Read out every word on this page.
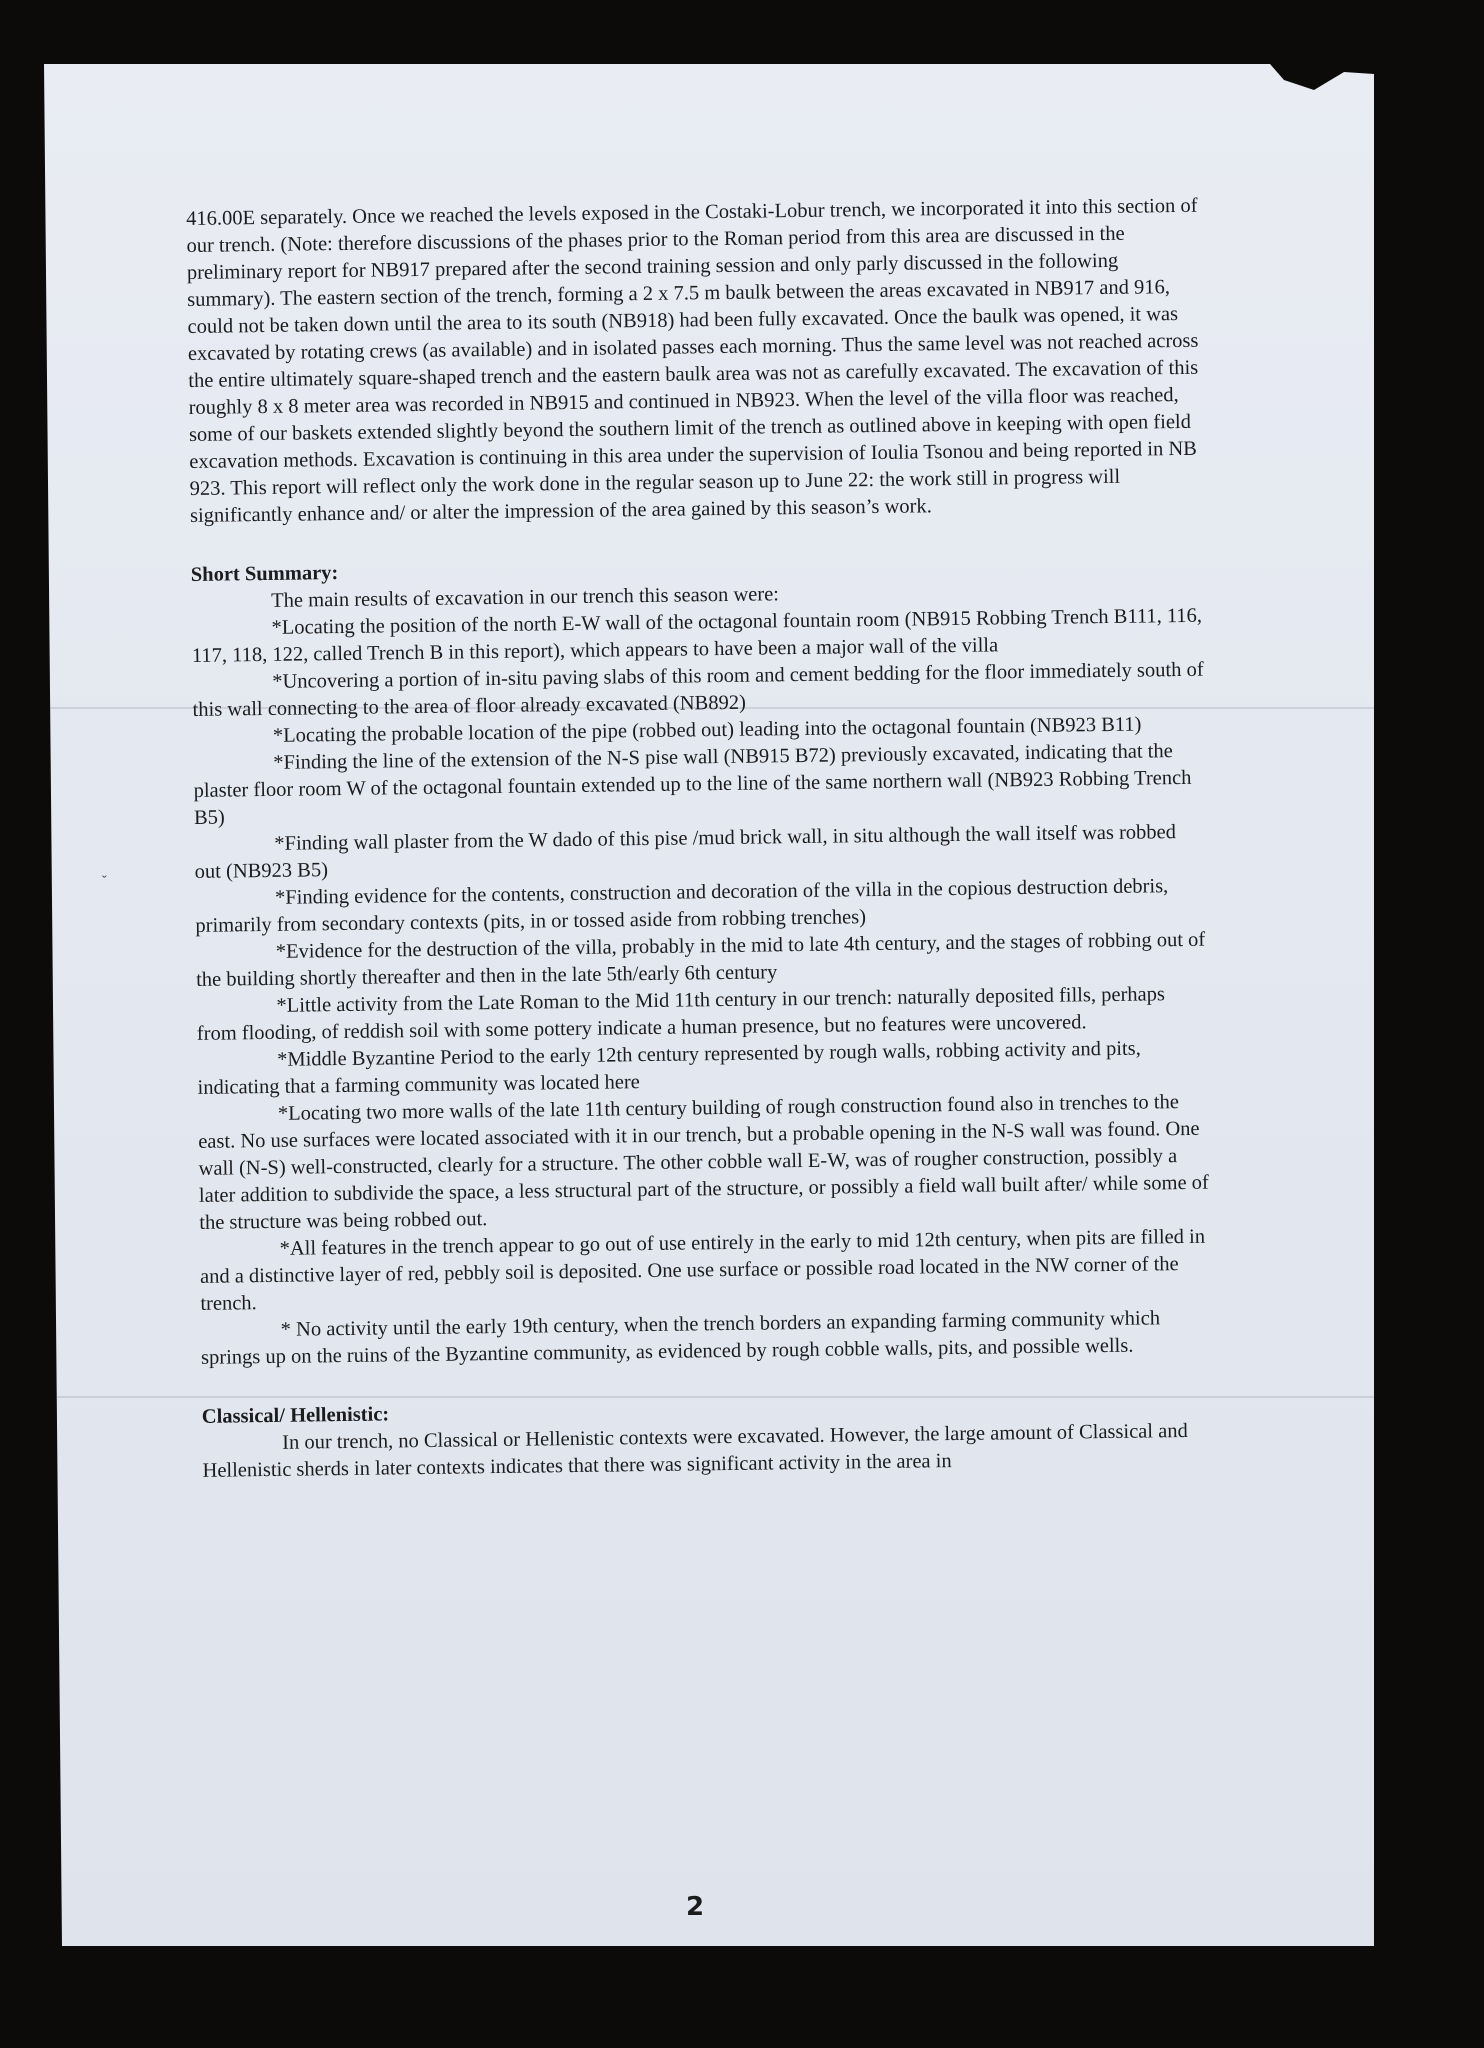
ˇ

416.00E separately. Once we reached the levels exposed in the Costaki-Lobur trench, we incorporated it into this section of our trench. (Note: therefore discussions of the phases prior to the Roman period from this area are discussed in the preliminary report for NB917 prepared after the second training session and only parly discussed in the following summary). The eastern section of the trench, forming a 2 x 7.5 m baulk between the areas excavated in NB917 and 916, could not be taken down until the area to its south (NB918) had been fully excavated. Once the baulk was opened, it was excavated by rotating crews (as available) and in isolated passes each morning. Thus the same level was not reached across the entire ultimately square-shaped trench and the eastern baulk area was not as carefully excavated. The excavation of this roughly 8 x 8 meter area was recorded in NB915 and continued in NB923. When the level of the villa floor was reached, some of our baskets extended slightly beyond the southern limit of the trench as outlined above in keeping with open field excavation methods. Excavation is continuing in this area under the supervision of Ioulia Tsonou and being reported in NB 923. This report will reflect only the work done in the regular season up to June 22: the work still in progress will significantly enhance and/ or alter the impression of the area gained by this season’s work.

Short Summary:

The main results of excavation in our trench this season were:

*Locating the position of the north E-W wall of the octagonal fountain room (NB915 Robbing Trench B111, 116, 117, 118, 122, called Trench B in this report), which appears to have been a major wall of the villa

*Uncovering a portion of in-situ paving slabs of this room and cement bedding for the floor immediately south of this wall connecting to the area of floor already excavated (NB892)

*Locating the probable location of the pipe (robbed out) leading into the octagonal fountain (NB923 B11)

*Finding the line of the extension of the N-S pise wall (NB915 B72) previously excavated, indicating that the plaster floor room W of the octagonal fountain extended up to the line of the same northern wall (NB923 Robbing Trench B5)

*Finding wall plaster from the W dado of this pise /mud brick wall, in situ although the wall itself was robbed out (NB923 B5)

*Finding evidence for the contents, construction and decoration of the villa in the copious destruction debris, primarily from secondary contexts (pits, in or tossed aside from robbing trenches)

*Evidence for the destruction of the villa, probably in the mid to late 4th century, and the stages of robbing out of the building shortly thereafter and then in the late 5th/early 6th century

*Little activity from the Late Roman to the Mid 11th century in our trench: naturally deposited fills, perhaps from flooding, of reddish soil with some pottery indicate a human presence, but no features were uncovered.

*Middle Byzantine Period to the early 12th century represented by rough walls, robbing activity and pits, indicating that a farming community was located here

*Locating two more walls of the late 11th century building of rough construction found also in trenches to the east. No use surfaces were located associated with it in our trench, but a probable opening in the N-S wall was found. One wall (N-S) well-constructed, clearly for a structure. The other cobble wall E-W, was of rougher construction, possibly a later addition to subdivide the space, a less structural part of the structure, or possibly a field wall built after/ while some of the structure was being robbed out.

*All features in the trench appear to go out of use entirely in the early to mid 12th century, when pits are filled in and a distinctive layer of red, pebbly soil is deposited. One use surface or possible road located in the NW corner of the trench.

* No activity until the early 19th century, when the trench borders an expanding farming community which springs up on the ruins of the Byzantine community, as evidenced by rough cobble walls, pits, and possible wells.

Classical/ Hellenistic:

In our trench, no Classical or Hellenistic contexts were excavated. However, the large amount of Classical and Hellenistic sherds in later contexts indicates that there was significant activity in the area in

2
